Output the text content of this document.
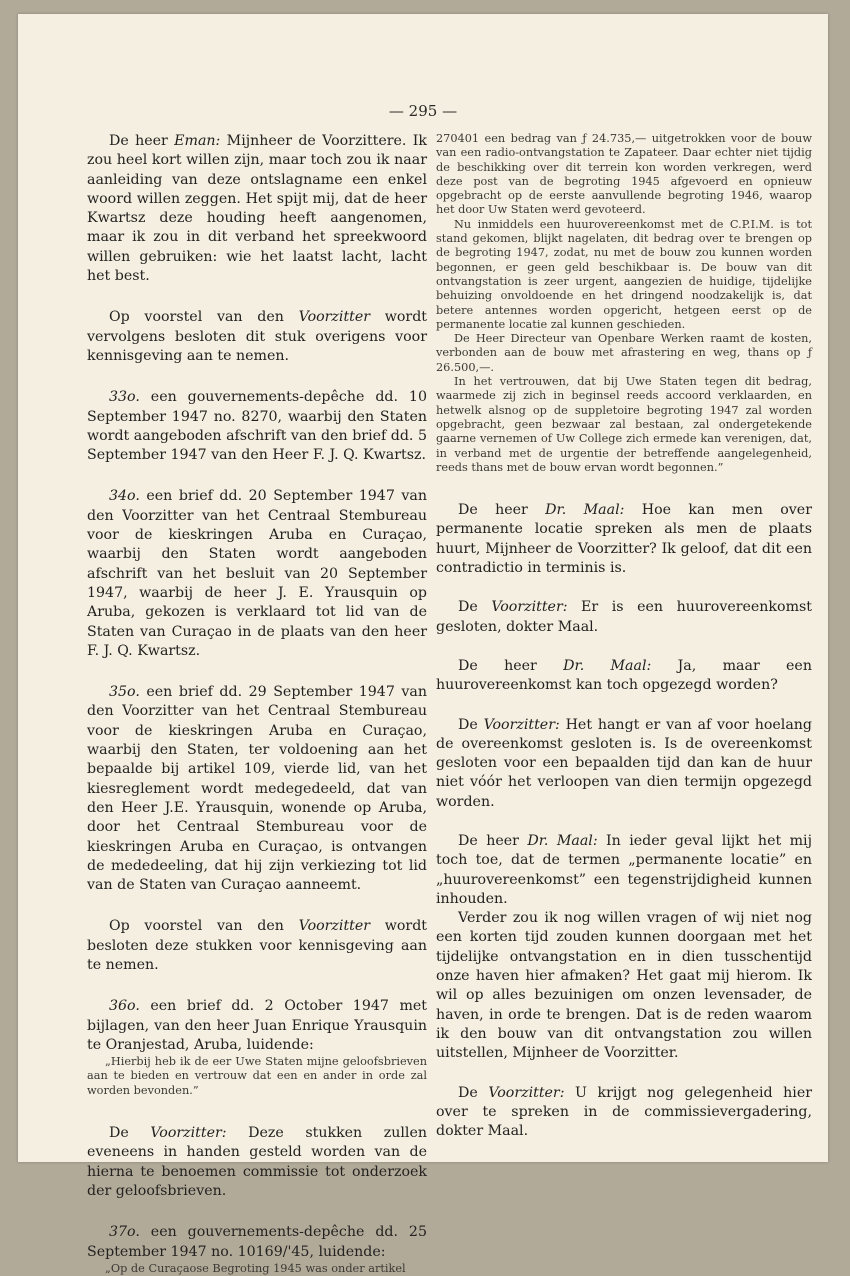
— 295 —

De heer Eman: Mijnheer de Voorzittere. Ik zou heel kort willen zijn, maar toch zou ik naar aanleiding van deze ontslagname een enkel woord willen zeggen. Het spijt mij, dat de heer Kwartsz deze houding heeft aangenomen, maar ik zou in dit verband het spreekwoord willen gebruiken: wie het laatst lacht, lacht het best.

Op voorstel van den Voorzitter wordt vervolgens besloten dit stuk overigens voor kennisgeving aan te nemen.

33o. een gouvernements-depêche dd. 10 September 1947 no. 8270, waarbij den Staten wordt aangeboden afschrift van den brief dd. 5 September 1947 van den Heer F. J. Q. Kwartsz.

34o. een brief dd. 20 September 1947 van den Voorzitter van het Centraal Stembureau voor de kieskringen Aruba en Curaçao, waarbij den Staten wordt aangeboden afschrift van het besluit van 20 September 1947, waarbij de heer J. E. Yrausquin op Aruba, gekozen is verklaard tot lid van de Staten van Curaçao in de plaats van den heer F. J. Q. Kwartsz.

35o. een brief dd. 29 September 1947 van den Voorzitter van het Centraal Stembureau voor de kieskringen Aruba en Curaçao, waarbij den Staten, ter voldoening aan het bepaalde bij artikel 109, vierde lid, van het kiesreglement wordt medegedeeld, dat van den Heer J.E. Yrausquin, wonende op Aruba, door het Centraal Stembureau voor de kieskringen Aruba en Curaçao, is ontvangen de mededeeling, dat hij zijn verkiezing tot lid van de Staten van Curaçao aanneemt.

Op voorstel van den Voorzitter wordt besloten deze stukken voor kennisgeving aan te nemen.

36o. een brief dd. 2 October 1947 met bijlagen, van den heer Juan Enrique Yrausquin te Oranjestad, Aruba, luidende:

„Hierbij heb ik de eer Uwe Staten mijne geloofsbrieven aan te bieden en vertrouw dat een en ander in orde zal worden bevonden.”

De Voorzitter: Deze stukken zullen eveneens in handen gesteld worden van de hierna te benoemen commissie tot onderzoek der geloofsbrieven.

37o. een gouvernements-depêche dd. 25 September 1947 no. 10169/'45, luidende:

„Op de Curaçaose Begroting 1945 was onder artikel

270401 een bedrag van ƒ 24.735,— uitgetrokken voor de bouw van een radio-ontvangstation te Zapateer. Daar echter niet tijdig de beschikking over dit terrein kon worden verkregen, werd deze post van de begroting 1945 afgevoerd en opnieuw opgebracht op de eerste aanvullende begroting 1946, waarop het door Uw Staten werd gevoteerd.

Nu inmiddels een huurovereenkomst met de C.P.I.M. is tot stand gekomen, blijkt nagelaten, dit bedrag over te brengen op de begroting 1947, zodat, nu met de bouw zou kunnen worden begonnen, er geen geld beschikbaar is. De bouw van dit ontvangstation is zeer urgent, aangezien de huidige, tijdelijke behuizing onvoldoende en het dringend noodzakelijk is, dat betere antennes worden opgericht, hetgeen eerst op de permanente locatie zal kunnen geschieden.

De Heer Directeur van Openbare Werken raamt de kosten, verbonden aan de bouw met afrastering en weg, thans op ƒ 26.500,—.

In het vertrouwen, dat bij Uwe Staten tegen dit bedrag, waarmede zij zich in beginsel reeds accoord verklaarden, en hetwelk alsnog op de suppletoire begroting 1947 zal worden opgebracht, geen bezwaar zal bestaan, zal ondergetekende gaarne vernemen of Uw College zich ermede kan verenigen, dat, in verband met de urgentie der betreffende aangelegenheid, reeds thans met de bouw ervan wordt begonnen.”

De heer Dr. Maal: Hoe kan men over permanente locatie spreken als men de plaats huurt, Mijnheer de Voorzitter? Ik geloof, dat dit een contradictio in terminis is.

De Voorzitter: Er is een huurovereenkomst gesloten, dokter Maal.

De heer Dr. Maal: Ja, maar een huurovereenkomst kan toch opgezegd worden?

De Voorzitter: Het hangt er van af voor hoelang de overeenkomst gesloten is. Is de overeenkomst gesloten voor een bepaalden tijd dan kan de huur niet vóór het verloopen van dien termijn opgezegd worden.

De heer Dr. Maal: In ieder geval lijkt het mij toch toe, dat de termen „permanente locatie” en „huurovereenkomst” een tegenstrijdigheid kunnen inhouden.

Verder zou ik nog willen vragen of wij niet nog een korten tijd zouden kunnen doorgaan met het tijdelijke ontvangstation en in dien tusschentijd onze haven hier afmaken? Het gaat mij hierom. Ik wil op alles bezuinigen om onzen levensader, de haven, in orde te brengen. Dat is de reden waarom ik den bouw van dit ontvangstation zou willen uitstellen, Mijnheer de Voorzitter.

De Voorzitter: U krijgt nog gelegenheid hier over te spreken in de commissievergadering, dokter Maal.
